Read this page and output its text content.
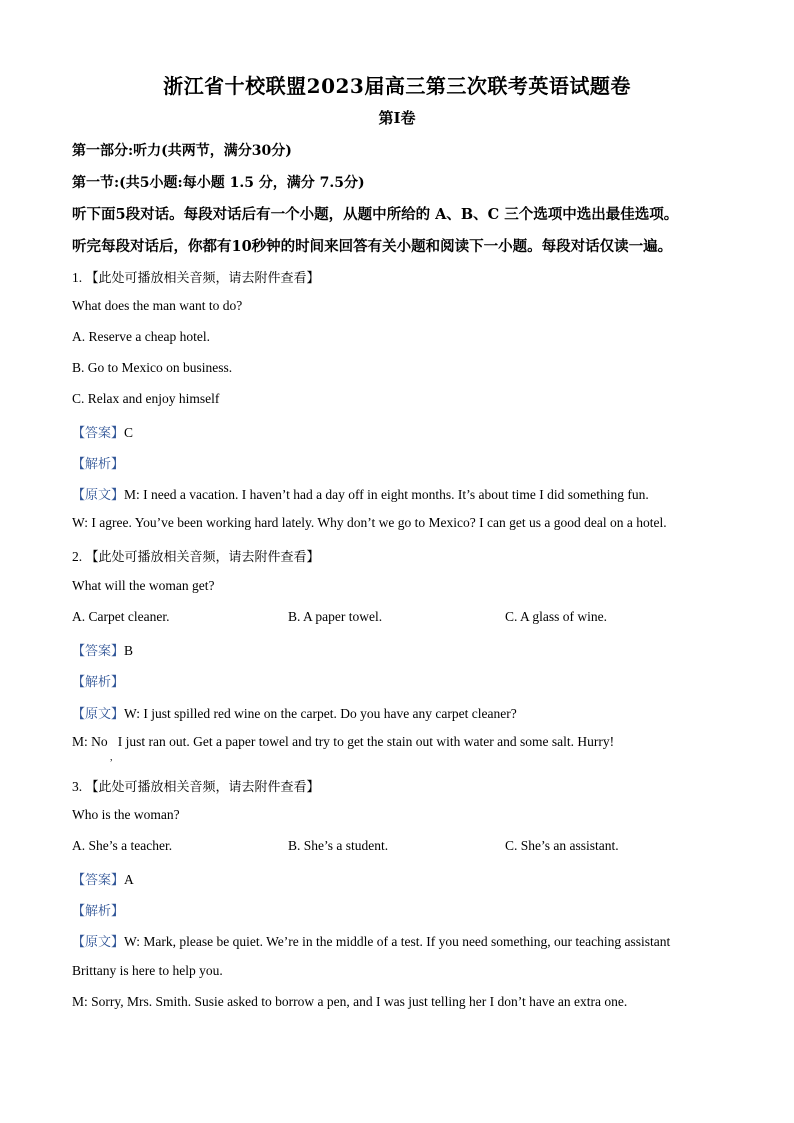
浙江省十校联盟2023届高三第三次联考英语试题卷
第I卷
第一部分:听力(共两节，满分30分)
第一节:(共5小题:每小题 1.5 分，满分 7.5分)
听下面5段对话。每段对话后有一个小题，从题中所给的 A、B、C 三个选项中选出最佳选项。
听完每段对话后，你都有10秒钟的时间来回答有关小题和阅读下一小题。每段对话仅读一遍。
1. 【此处可播放相关音频，请去附件查看】
What does the man want to do?
A. Reserve a cheap hotel.
B. Go to Mexico on business.
C. Relax and enjoy himself
【答案】C
【解析】
【原文】M: I need a vacation. I haven’t had a day off in eight months. It’s about time I did something fun.
W: I agree. You’ve been working hard lately. Why don’t we go to Mexico? I can get us a good deal on a hotel.
2. 【此处可播放相关音频，请去附件查看】
What will the woman get?
A. Carpet cleaner.	B. A paper towel.	C. A glass of wine.
【答案】B
【解析】
【原文】W: I just spilled red wine on the carpet. Do you have any carpet cleaner?
M: No   I just ran out. Get a paper towel and try to get the stain out with water and some salt. Hurry!
,
3. 【此处可播放相关音频，请去附件查看】
Who is the woman?
A. She’s a teacher.	B. She’s a student.	C. She’s an assistant.
【答案】A
【解析】
【原文】W: Mark, please be quiet. We’re in the middle of a test. If you need something, our teaching assistant
Brittany is here to help you.
M: Sorry, Mrs. Smith. Susie asked to borrow a pen, and I was just telling her I don’t have an extra one.
